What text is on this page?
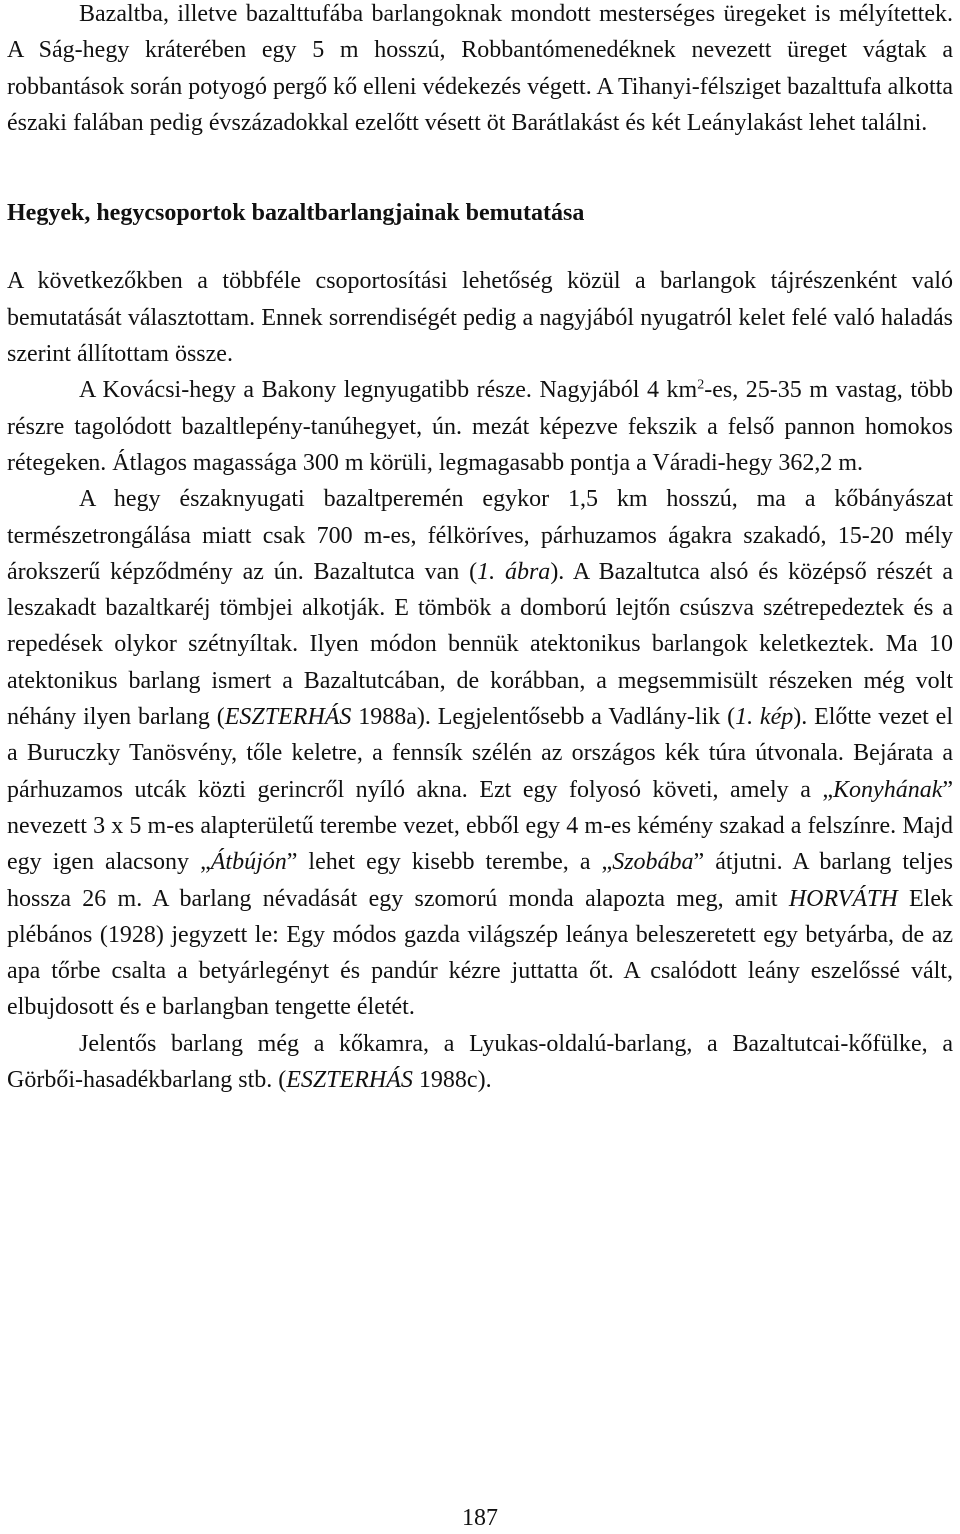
Bazaltba, illetve bazalttufába barlangoknak mondott mesterséges üregeket is mélyítettek. A Ság-hegy kráterében egy 5 m hosszú, Robbantómenedéknek nevezett üreget vágtak a robbantások során potyogó pergő kő elleni védekezés végett. A Tihanyi-félsziget bazalttufa alkotta északi falában pedig évszázadokkal ezelőtt vésett öt Barátlakást és két Leánylakást lehet találni.

Hegyek, hegycsoportok bazaltbarlangjainak bemutatása

A következőkben a többféle csoportosítási lehetőség közül a barlangok tájrészenként való bemutatását választottam. Ennek sorrendiségét pedig a nagyjából nyugatról kelet felé való haladás szerint állítottam össze.

A Kovácsi-hegy a Bakony legnyugatibb része. Nagyjából 4 $km^2-es$, 25-35 m vastag, több részre tagolódott bazaltlepény-tanúhegyet, ún. mezát képezve fekszik a felső pannon homokos rétegeken. Átlagos magassága 300 m körüli, legmagasabb pontja a Váradi-hegy 362,2 m.

A hegy északnyugati bazaltperemén egykor 1,5 km hosszú, ma a kőbányászat természetrongálása miatt csak 700 m-es, félköríves, párhuzamos ágakra szakadó, 15-20 mély árokszerű képződmény az ún. Bazaltutca van (1. ábra). A Bazaltutca alsó és középső részét a leszakadt bazaltkaréj tömbjei alkotják. E tömbök a domború lejtőn csúszva szétrepedeztek és a repedések olykor szétnyíltak. Ilyen módon bennük atektonikus barlangok keletkeztek. Ma 10 atektonikus barlang ismert a Bazaltutcában, de korábban, a megsemmisült részeken még volt néhány ilyen barlang (ESZTERHÁS 1988a). Legjelentősebb a Vadlány-lik (1. kép). Előtte vezet el a Buruczky Tanösvény, tőle keletre, a fennsík szélén az országos kék túra útvonala. Bejárata a párhuzamos utcák közti gerincről nyíló akna. Ezt egy folyosó követi, amely a „Konyhának” nevezett 3 x 5 m-es alapterületű terembe vezet, ebből egy 4 m-es kémény szakad a felszínre. Majd egy igen alacsony „Átbújón” lehet egy kisebb terembe, a „Szobába” átjutni. A barlang teljes hossza 26 m. A barlang névadását egy szomorú monda alapozta meg, amit HORVÁTH Elek plébános (1928) jegyzett le: Egy módos gazda világszép leánya beleszeretett egy betyárba, de az apa tőrbe csalta a betyárlegényt és pandúr kézre juttatta őt. A csalódott leány eszelőssé vált, elbujdosott és e barlangban tengette életét.

Jelentős barlang még a kőkamra, a Lyukas-oldalú-barlang, a Bazaltutcai-kőfülke, a Görbői-hasadékbarlang stb. (ESZTERHÁS 1988c).

187
